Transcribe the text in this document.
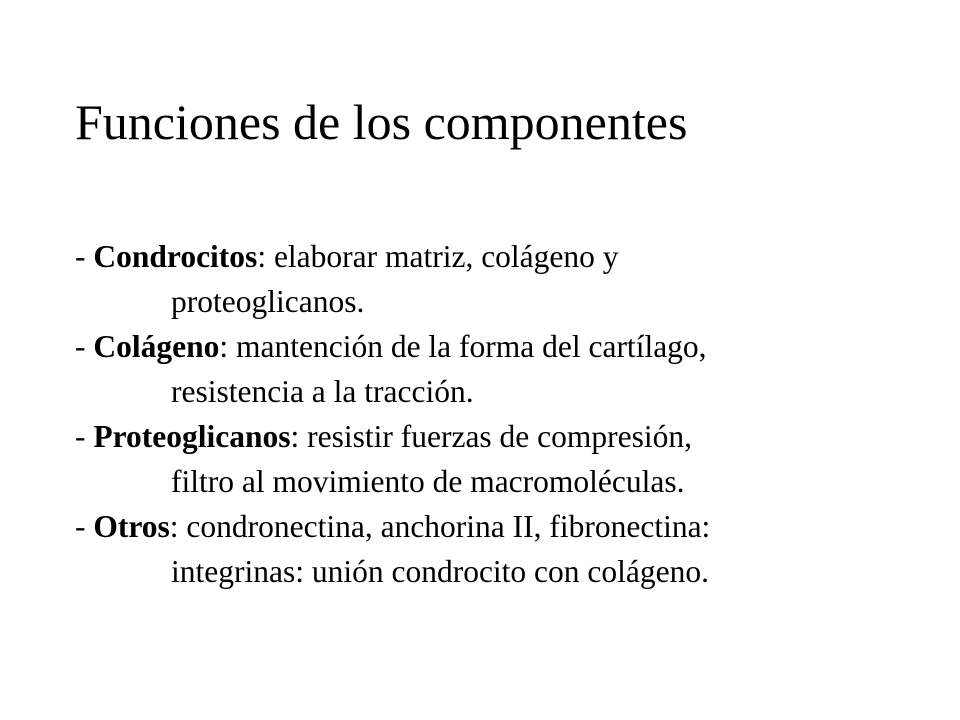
Funciones de los componentes
- Condrocitos: elaborar matriz, colágeno y
proteoglicanos.
- Colágeno: mantención de la forma del cartílago,
resistencia a la tracción.
- Proteoglicanos: resistir fuerzas de compresión,
filtro al movimiento de macromoléculas.
- Otros: condronectina, anchorina II, fibronectina:
integrinas: unión condrocito con colágeno.
